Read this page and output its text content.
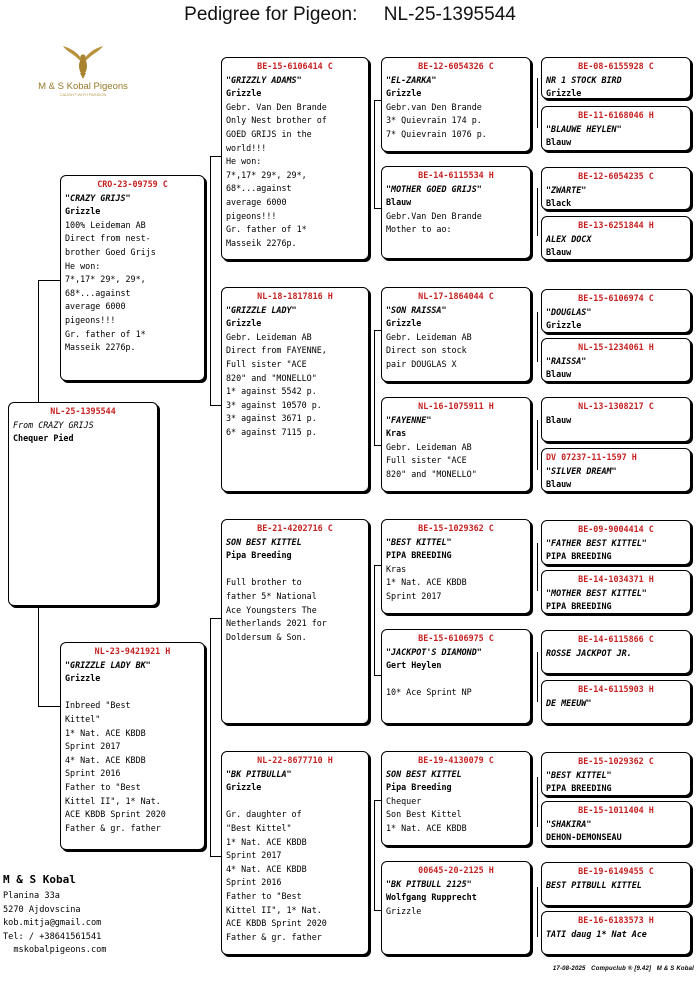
Pedigree for Pigeon:     NL-25-1395544
M & S Kobal Pigeons
CAUGHT WITH PASSION
NL-25-1395544
From CRAZY GRIJS
Chequer Pied
CRO-23-09759 C
"CRAZY GRIJS"
Grizzle
100% Leideman AB
Direct from nest-
brother Goed Grijs
He won:
7*,17* 29*, 29*,
68*...against
average 6000
pigeons!!!
Gr. father of 1*
Masseik 2276p.
NL-23-9421921 H
"GRIZZLE LADY BK"
Grizzle

Inbreed "Best
Kittel"
1* Nat. ACE KBDB
Sprint 2017
4* Nat. ACE KBDB
Sprint 2016
Father to "Best
Kittel II", 1* Nat.
ACE KBDB Sprint 2020
Father & gr. father
BE-15-6106414 C
"GRIZZLY ADAMS"
Grizzle
Gebr. Van Den Brande
Only Nest brother of
GOED GRIJS in the
world!!!
He won:
7*,17* 29*, 29*,
68*...against
average 6000
pigeons!!!
Gr. father of 1*
Masseik 2276p.
NL-18-1817816 H
"GRIZZLE LADY"
Grizzle
Gebr. Leideman AB
Direct from FAYENNE,
Full sister "ACE
820" and "MONELLO"
1* against 5542 p.
3* against 10570 p.
3* against 3671 p.
6* against 7115 p.
BE-21-4202716 C
SON BEST KITTEL
Pipa Breeding

Full brother to
father 5* National
Ace Youngsters The
Netherlands 2021 for
Doldersum & Son.
NL-22-8677710 H
"BK PITBULLA"
Grizzle

Gr. daughter of
"Best Kittel"
1* Nat. ACE KBDB
Sprint 2017
4* Nat. ACE KBDB
Sprint 2016
Father to "Best
Kittel II", 1* Nat.
ACE KBDB Sprint 2020
Father & gr. father
BE-12-6054326 C
"EL-ZARKA"
Grizzle
Gebr.van Den Brande
3* Quievrain 174 p.
7* Quievrain 1076 p.
BE-14-6115534 H
"MOTHER GOED GRIJS"
Blauw
Gebr.Van Den Brande
Mother to ao:
NL-17-1864044 C
"SON RAISSA"
Grizzle
Gebr. Leideman AB
Direct son stock
pair DOUGLAS X
NL-16-1075911 H
"FAYENNE"
Kras
Gebr. Leideman AB
Full sister "ACE
820" and "MONELLO"
BE-15-1029362 C
"BEST KITTEL"
PIPA BREEDING
Kras
1* Nat. ACE KBDB
Sprint 2017
BE-15-6106975 C
"JACKPOT'S DIAMOND"
Gert Heylen

10* Ace Sprint NP
BE-19-4130079 C
SON BEST KITTEL
Pipa Breeding
Chequer
Son Best Kittel
1* Nat. ACE KBDB
00645-20-2125 H
"BK PITBULL 2125"
Wolfgang Rupprecht
Grizzle
BE-08-6155928 C
NR 1 STOCK BIRD
Grizzle
BE-11-6168046 H
"BLAUWE HEYLEN"
Blauw
BE-12-6054235 C
"ZWARTE"
Black
BE-13-6251844 H
ALEX DOCX
Blauw
BE-15-6106974 C
"DOUGLAS"
Grizzle
NL-15-1234061 H
"RAISSA"
Blauw
NL-13-1308217 C
Blauw
DV 07237-11-1597 H
"SILVER DREAM"
Blauw
BE-09-9004414 C
"FATHER BEST KITTEL"
PIPA BREEDING
BE-14-1034371 H
"MOTHER BEST KITTEL"
PIPA BREEDING
BE-14-6115866 C
ROSSE JACKPOT JR.
BE-14-6115903 H
DE MEEUW"
BE-15-1029362 C
"BEST KITTEL"
PIPA BREEDING
BE-15-1011404 H
"SHAKIRA"
DEHON-DEMONSEAU
BE-19-6149455 C
BEST PITBULL KITTEL
BE-16-6183573 H
TATI daug 1* Nat Ace
M & S Kobal
Planina 33a
5270 Ajdovscina
kob.mitja@gmail.com
Tel: / +38641561541
mskobalpigeons.com
17-08-2025   Compuclub ® [9.42]   M & S Kobal
